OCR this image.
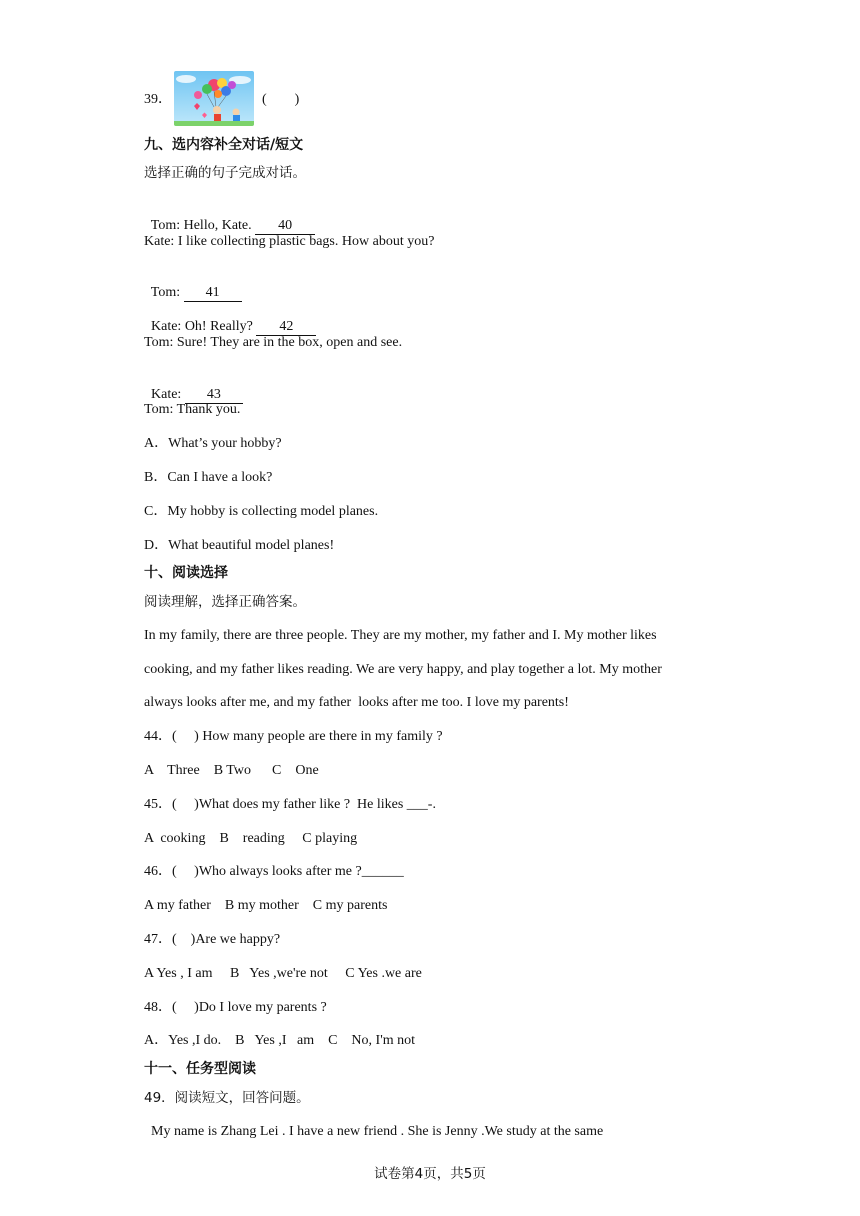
39．	(　　)
九、选内容补全对话/短文
选择正确的句子完成对话。

Tom: Hello, Kate. 40

Kate: I like collecting plastic bags. How about you?

Tom: 41

Kate: Oh! Really? 42

Tom: Sure! They are in the box, open and see.

Kate: 43

Tom: Thank you.
A．What’s your hobby?
B．Can I have a look?
C．My hobby is collecting model planes.
D．What beautiful model planes!
十、阅读选择
阅读理解，选择正确答案。
In my family, there are three people. They are my mother, my father and I. My mother likes
cooking, and my father likes reading. We are very happy, and play together a lot. My mother
always looks after me, and my father  looks after me too. I love my parents!
44．(     ) How many people are there in my family ?
A    Three    B Two      C    One
45．(     )What does my father like ?  He likes ___-.
A  cooking    B    reading     C playing
46．(     )Who always looks after me ?______
A my father    B my mother    C my parents
47．(    )Are we happy?
A Yes , I am     B   Yes ,we're not     C Yes .we are
48．(     )Do I love my parents ?
A．Yes ,I do.    B   Yes ,I   am    C    No, I'm not
十一、任务型阅读
49．阅读短文，回答问题。
My name is Zhang Lei . I have a new friend . She is Jenny .We study at the same
试卷第4页，共5页
